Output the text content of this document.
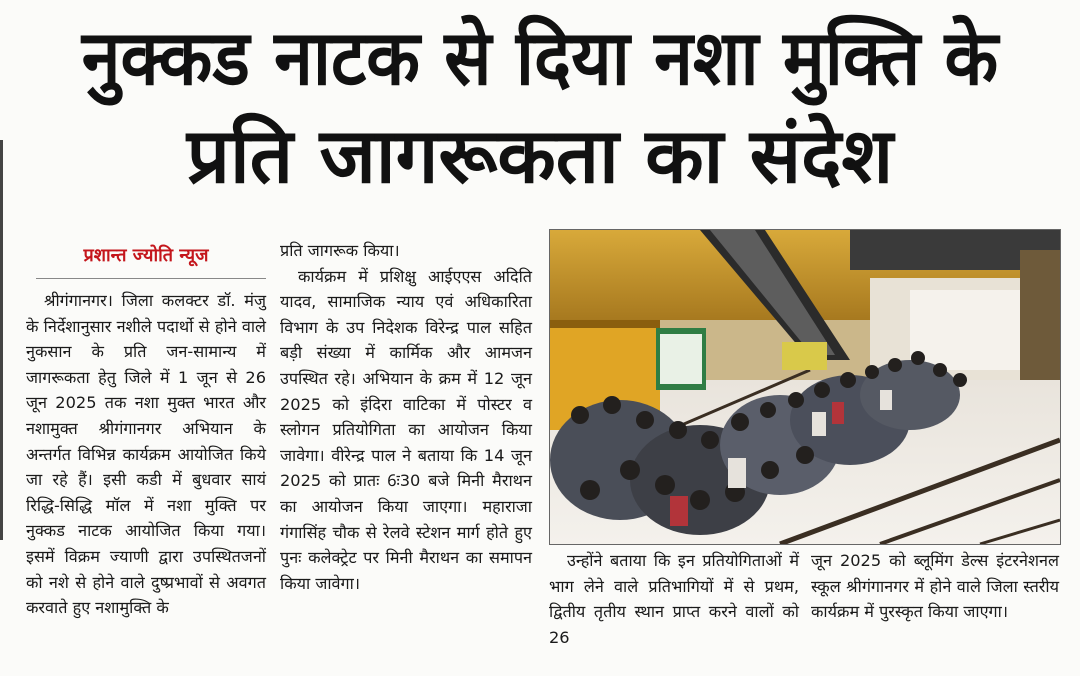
नुक्कड नाटक से दिया नशा मुक्ति के
प्रति जागरूकता का संदेश
प्रशान्त ज्योति न्यूज

श्रीगंगानगर। जिला कलक्टर डॉ. मंजु के निर्देशानुसार नशीले पदार्थो से होने वाले नुकसान के प्रति जन-सामान्य में जागरूकता हेतु जिले में 1 जून से 26 जून 2025 तक नशा मुक्त भारत और नशामुक्त श्रीगंगानगर अभियान के अन्तर्गत विभिन्न कार्यक्रम आयोजित किये जा रहे हैं। इसी कडी में बुधवार सायं रिद्धि-सिद्धि मॉल में नशा मुक्ति पर नुक्कड नाटक आयोजित किया गया। इसमें विक्रम ज्याणी द्वारा उपस्थितजनों को नशे से होने वाले दुष्प्रभावों से अवगत करवाते हुए नशामुक्ति के

प्रति जागरूक किया।

कार्यक्रम में प्रशिक्षु आईएएस अदिति यादव, सामाजिक न्याय एवं अधिकारिता विभाग के उप निदेशक विरेन्द्र पाल सहित बड़ी संख्या में कार्मिक और आमजन उपस्थित रहे। अभियान के क्रम में 12 जून 2025 को इंदिरा वाटिका में पोस्टर व स्लोगन प्रतियोगिता का आयोजन किया जावेगा। वीरेन्द्र पाल ने बताया कि 14 जून 2025 को प्रातः 6ः30 बजे मिनी मैराथन का आयोजन किया जाएगा। महाराजा गंगासिंह चौक से रेलवे स्टेशन मार्ग होते हुए पुनः कलेक्ट्रेट पर मिनी मैराथन का समापन किया जावेगा।

उन्होंने बताया कि इन प्रतियोगिताओं में भाग लेने वाले प्रतिभागियों में से प्रथम, द्वितीय तृतीय स्थान प्राप्त करने वालों को 26

जून 2025 को ब्लूमिंग डेल्स इंटरनेशनल स्कूल श्रीगंगानगर में होने वाले जिला स्तरीय कार्यक्रम में पुरस्कृत किया जाएगा।
